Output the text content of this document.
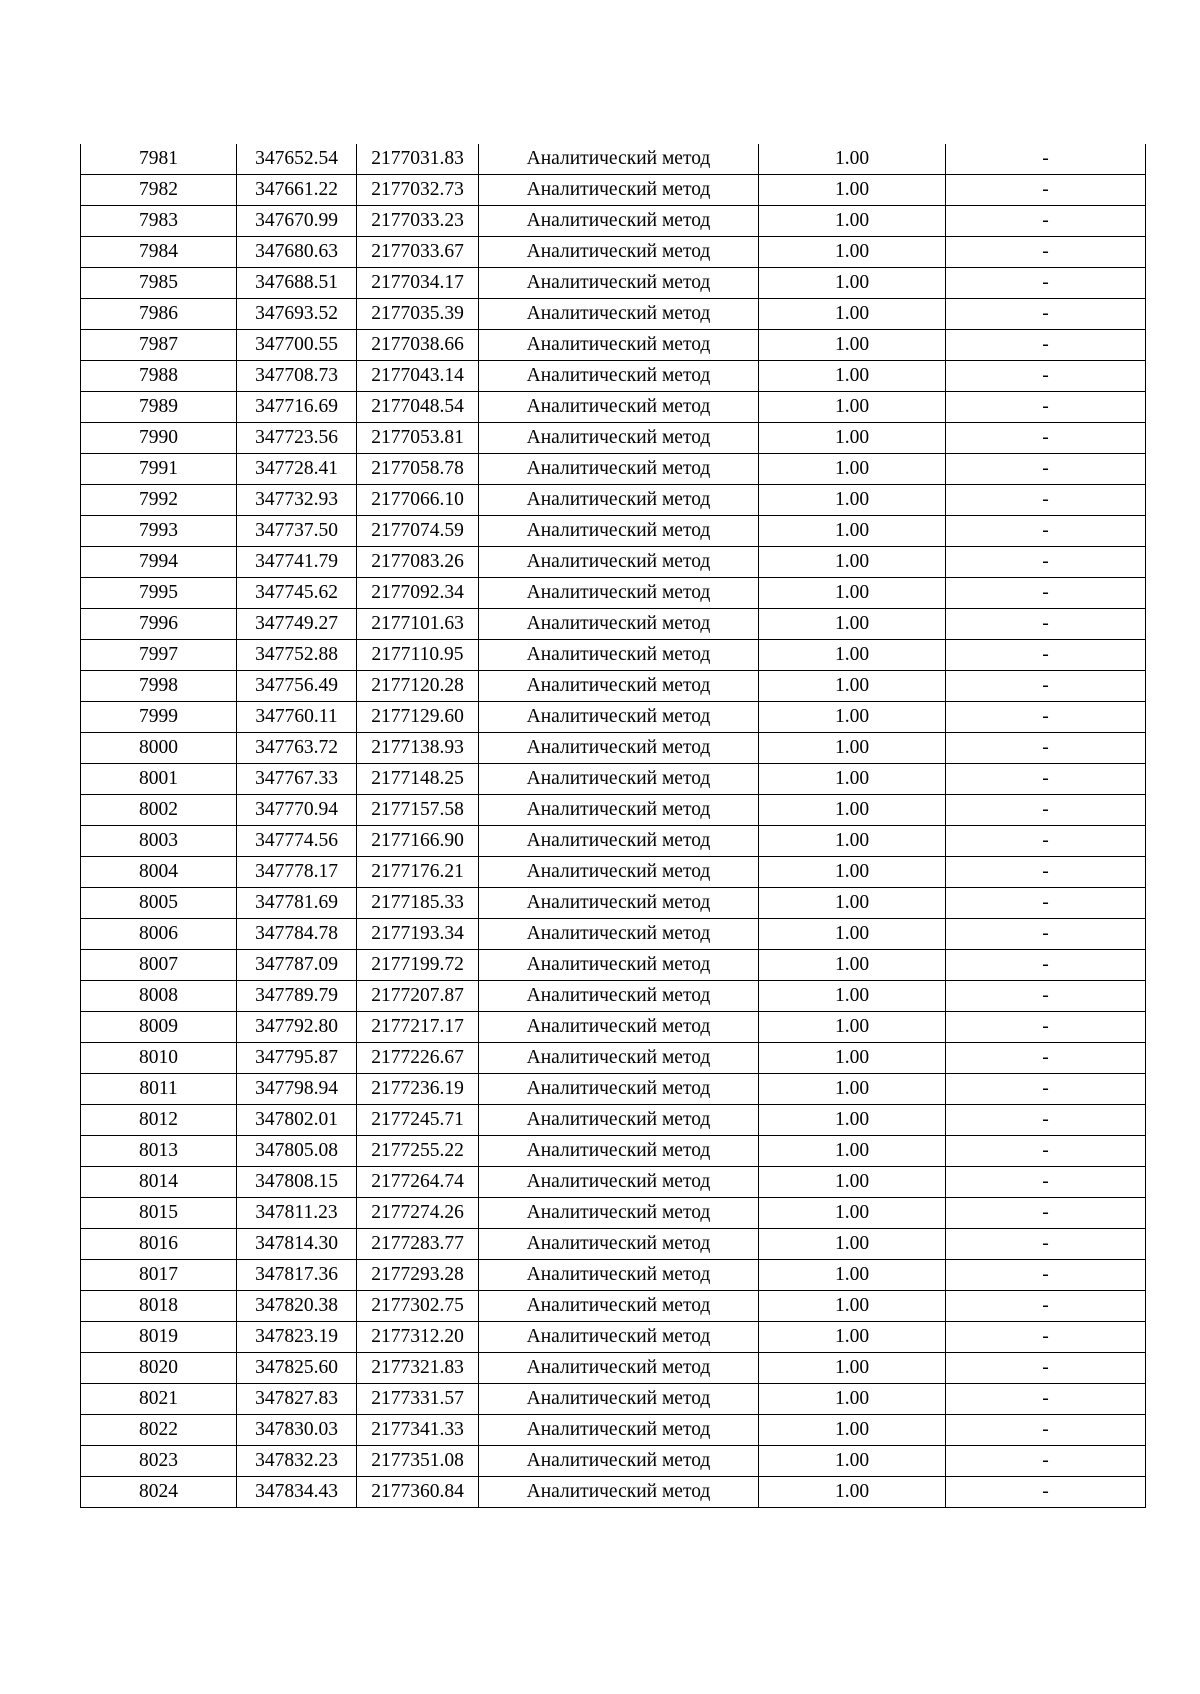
7981	347652.54	2177031.83	Аналитический метод	1.00	-
7982	347661.22	2177032.73	Аналитический метод	1.00	-
7983	347670.99	2177033.23	Аналитический метод	1.00	-
7984	347680.63	2177033.67	Аналитический метод	1.00	-
7985	347688.51	2177034.17	Аналитический метод	1.00	-
7986	347693.52	2177035.39	Аналитический метод	1.00	-
7987	347700.55	2177038.66	Аналитический метод	1.00	-
7988	347708.73	2177043.14	Аналитический метод	1.00	-
7989	347716.69	2177048.54	Аналитический метод	1.00	-
7990	347723.56	2177053.81	Аналитический метод	1.00	-
7991	347728.41	2177058.78	Аналитический метод	1.00	-
7992	347732.93	2177066.10	Аналитический метод	1.00	-
7993	347737.50	2177074.59	Аналитический метод	1.00	-
7994	347741.79	2177083.26	Аналитический метод	1.00	-
7995	347745.62	2177092.34	Аналитический метод	1.00	-
7996	347749.27	2177101.63	Аналитический метод	1.00	-
7997	347752.88	2177110.95	Аналитический метод	1.00	-
7998	347756.49	2177120.28	Аналитический метод	1.00	-
7999	347760.11	2177129.60	Аналитический метод	1.00	-
8000	347763.72	2177138.93	Аналитический метод	1.00	-
8001	347767.33	2177148.25	Аналитический метод	1.00	-
8002	347770.94	2177157.58	Аналитический метод	1.00	-
8003	347774.56	2177166.90	Аналитический метод	1.00	-
8004	347778.17	2177176.21	Аналитический метод	1.00	-
8005	347781.69	2177185.33	Аналитический метод	1.00	-
8006	347784.78	2177193.34	Аналитический метод	1.00	-
8007	347787.09	2177199.72	Аналитический метод	1.00	-
8008	347789.79	2177207.87	Аналитический метод	1.00	-
8009	347792.80	2177217.17	Аналитический метод	1.00	-
8010	347795.87	2177226.67	Аналитический метод	1.00	-
8011	347798.94	2177236.19	Аналитический метод	1.00	-
8012	347802.01	2177245.71	Аналитический метод	1.00	-
8013	347805.08	2177255.22	Аналитический метод	1.00	-
8014	347808.15	2177264.74	Аналитический метод	1.00	-
8015	347811.23	2177274.26	Аналитический метод	1.00	-
8016	347814.30	2177283.77	Аналитический метод	1.00	-
8017	347817.36	2177293.28	Аналитический метод	1.00	-
8018	347820.38	2177302.75	Аналитический метод	1.00	-
8019	347823.19	2177312.20	Аналитический метод	1.00	-
8020	347825.60	2177321.83	Аналитический метод	1.00	-
8021	347827.83	2177331.57	Аналитический метод	1.00	-
8022	347830.03	2177341.33	Аналитический метод	1.00	-
8023	347832.23	2177351.08	Аналитический метод	1.00	-
8024	347834.43	2177360.84	Аналитический метод	1.00	-
